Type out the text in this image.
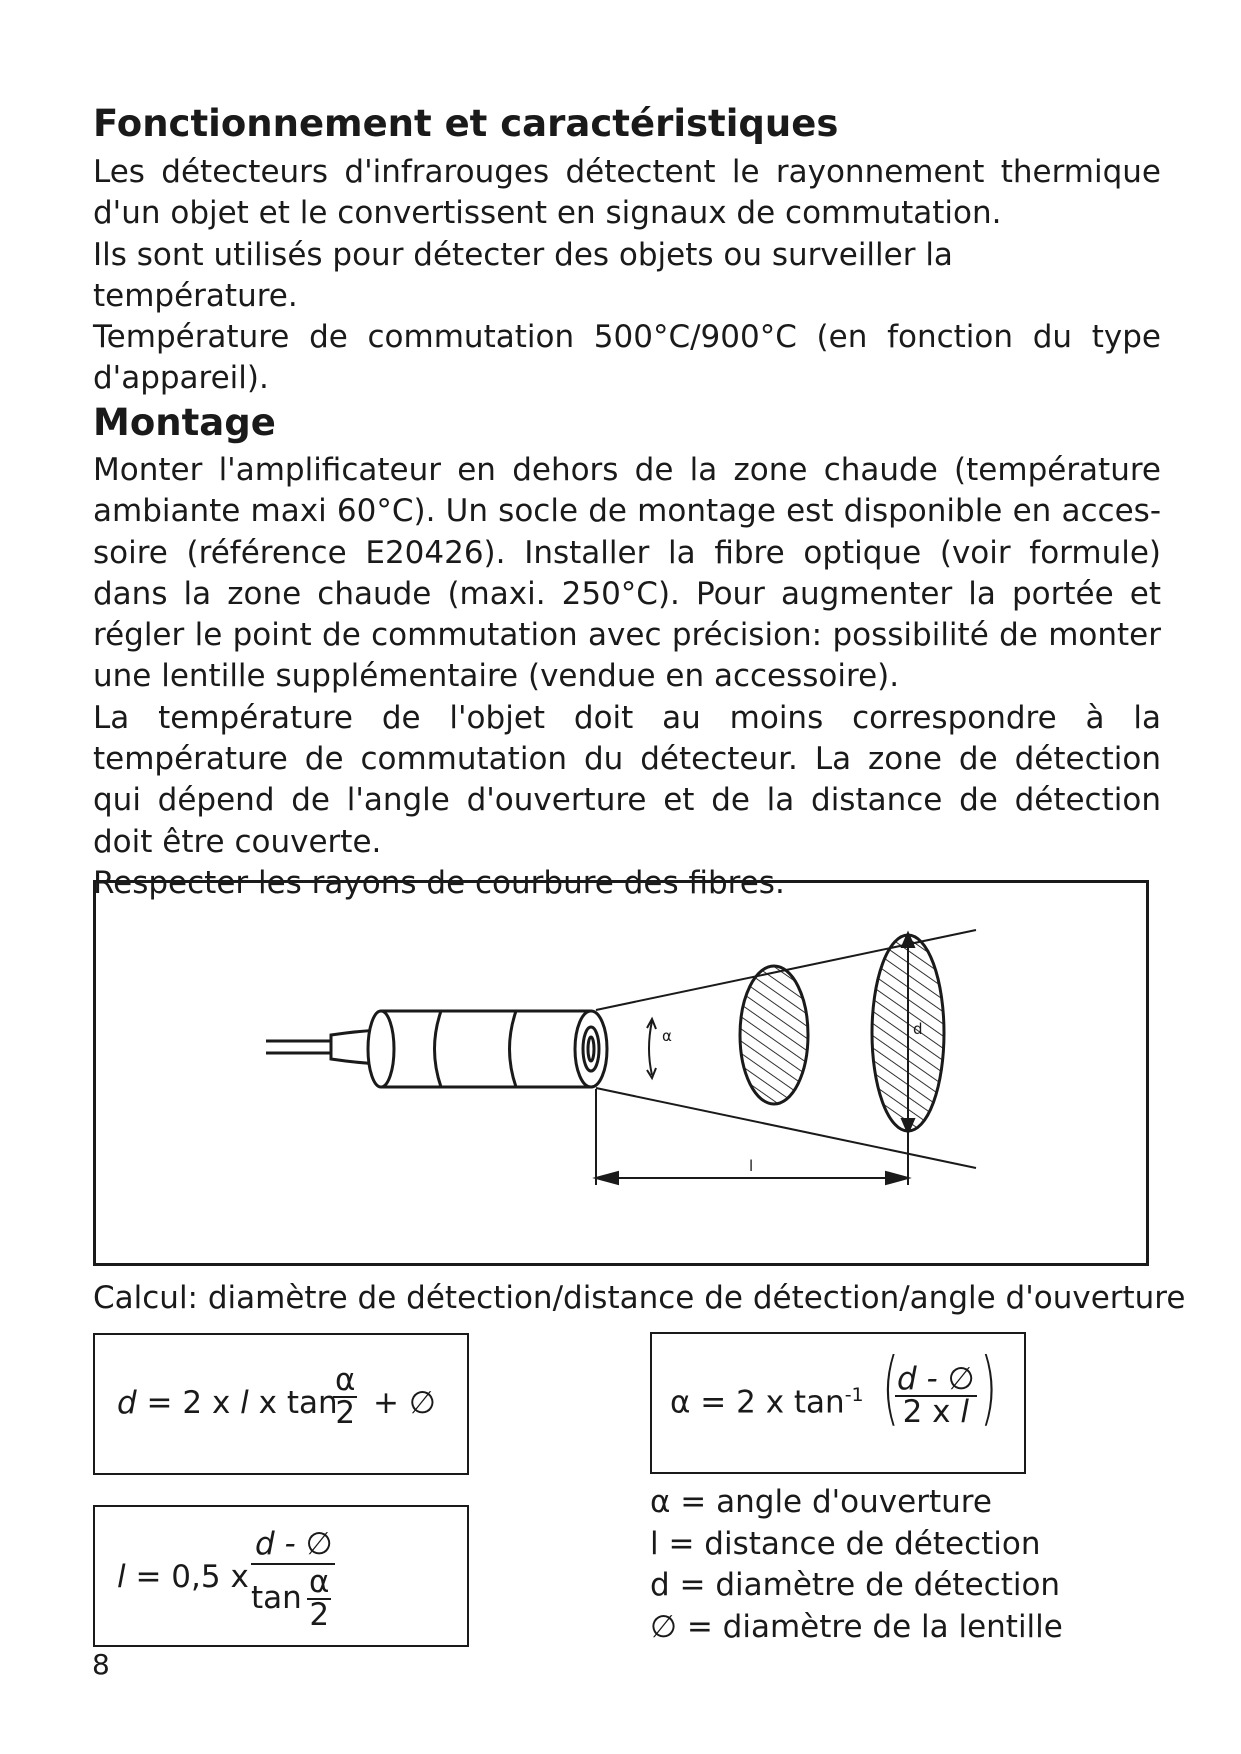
Fonctionnement et caractéristiques

Les détecteurs d'infrarouges détectent le rayonnement thermique d'un objet et le convertissent en signaux de commutation.

Ils sont utilisés pour détecter des objets ou surveiller la température.

Température de commutation 500°C/900°C (en fonction du type d'appareil).

Montage

Monter l'amplificateur en dehors de la zone chaude (température ambiante maxi 60°C). Un socle de montage est disponible en accessoire (référence E20426). Installer la fibre optique (voir formule) dans la zone chaude (maxi. 250°C). Pour augmenter la portée et régler le point de commutation avec précision: possibilité de monter une lentille supplémentaire (vendue en accessoire).

La température de l'objet doit au moins correspondre à la température de commutation du détecteur. La zone de détection qui dépend de l'angle d'ouverture et de la distance de détection doit être couverte.

Respecter les rayons de courbure des fibres.

α	d
l

Calcul: diamètre de détection/distance de détection/angle d'ouverture

d = 2 x l x tan
$\frac{\alpha}{2}$ + ∅	α = 2 x $\tan^{-1}$ (
$\frac{d - \emptyset}{\text{2 x l}}$ )
l = 0,5 x
d - ∅
$\tan \frac{\alpha}{2}$
α = angle d'ouverture
l = distance de détection
d = diamètre de détection
∅ = diamètre de la lentille

8
